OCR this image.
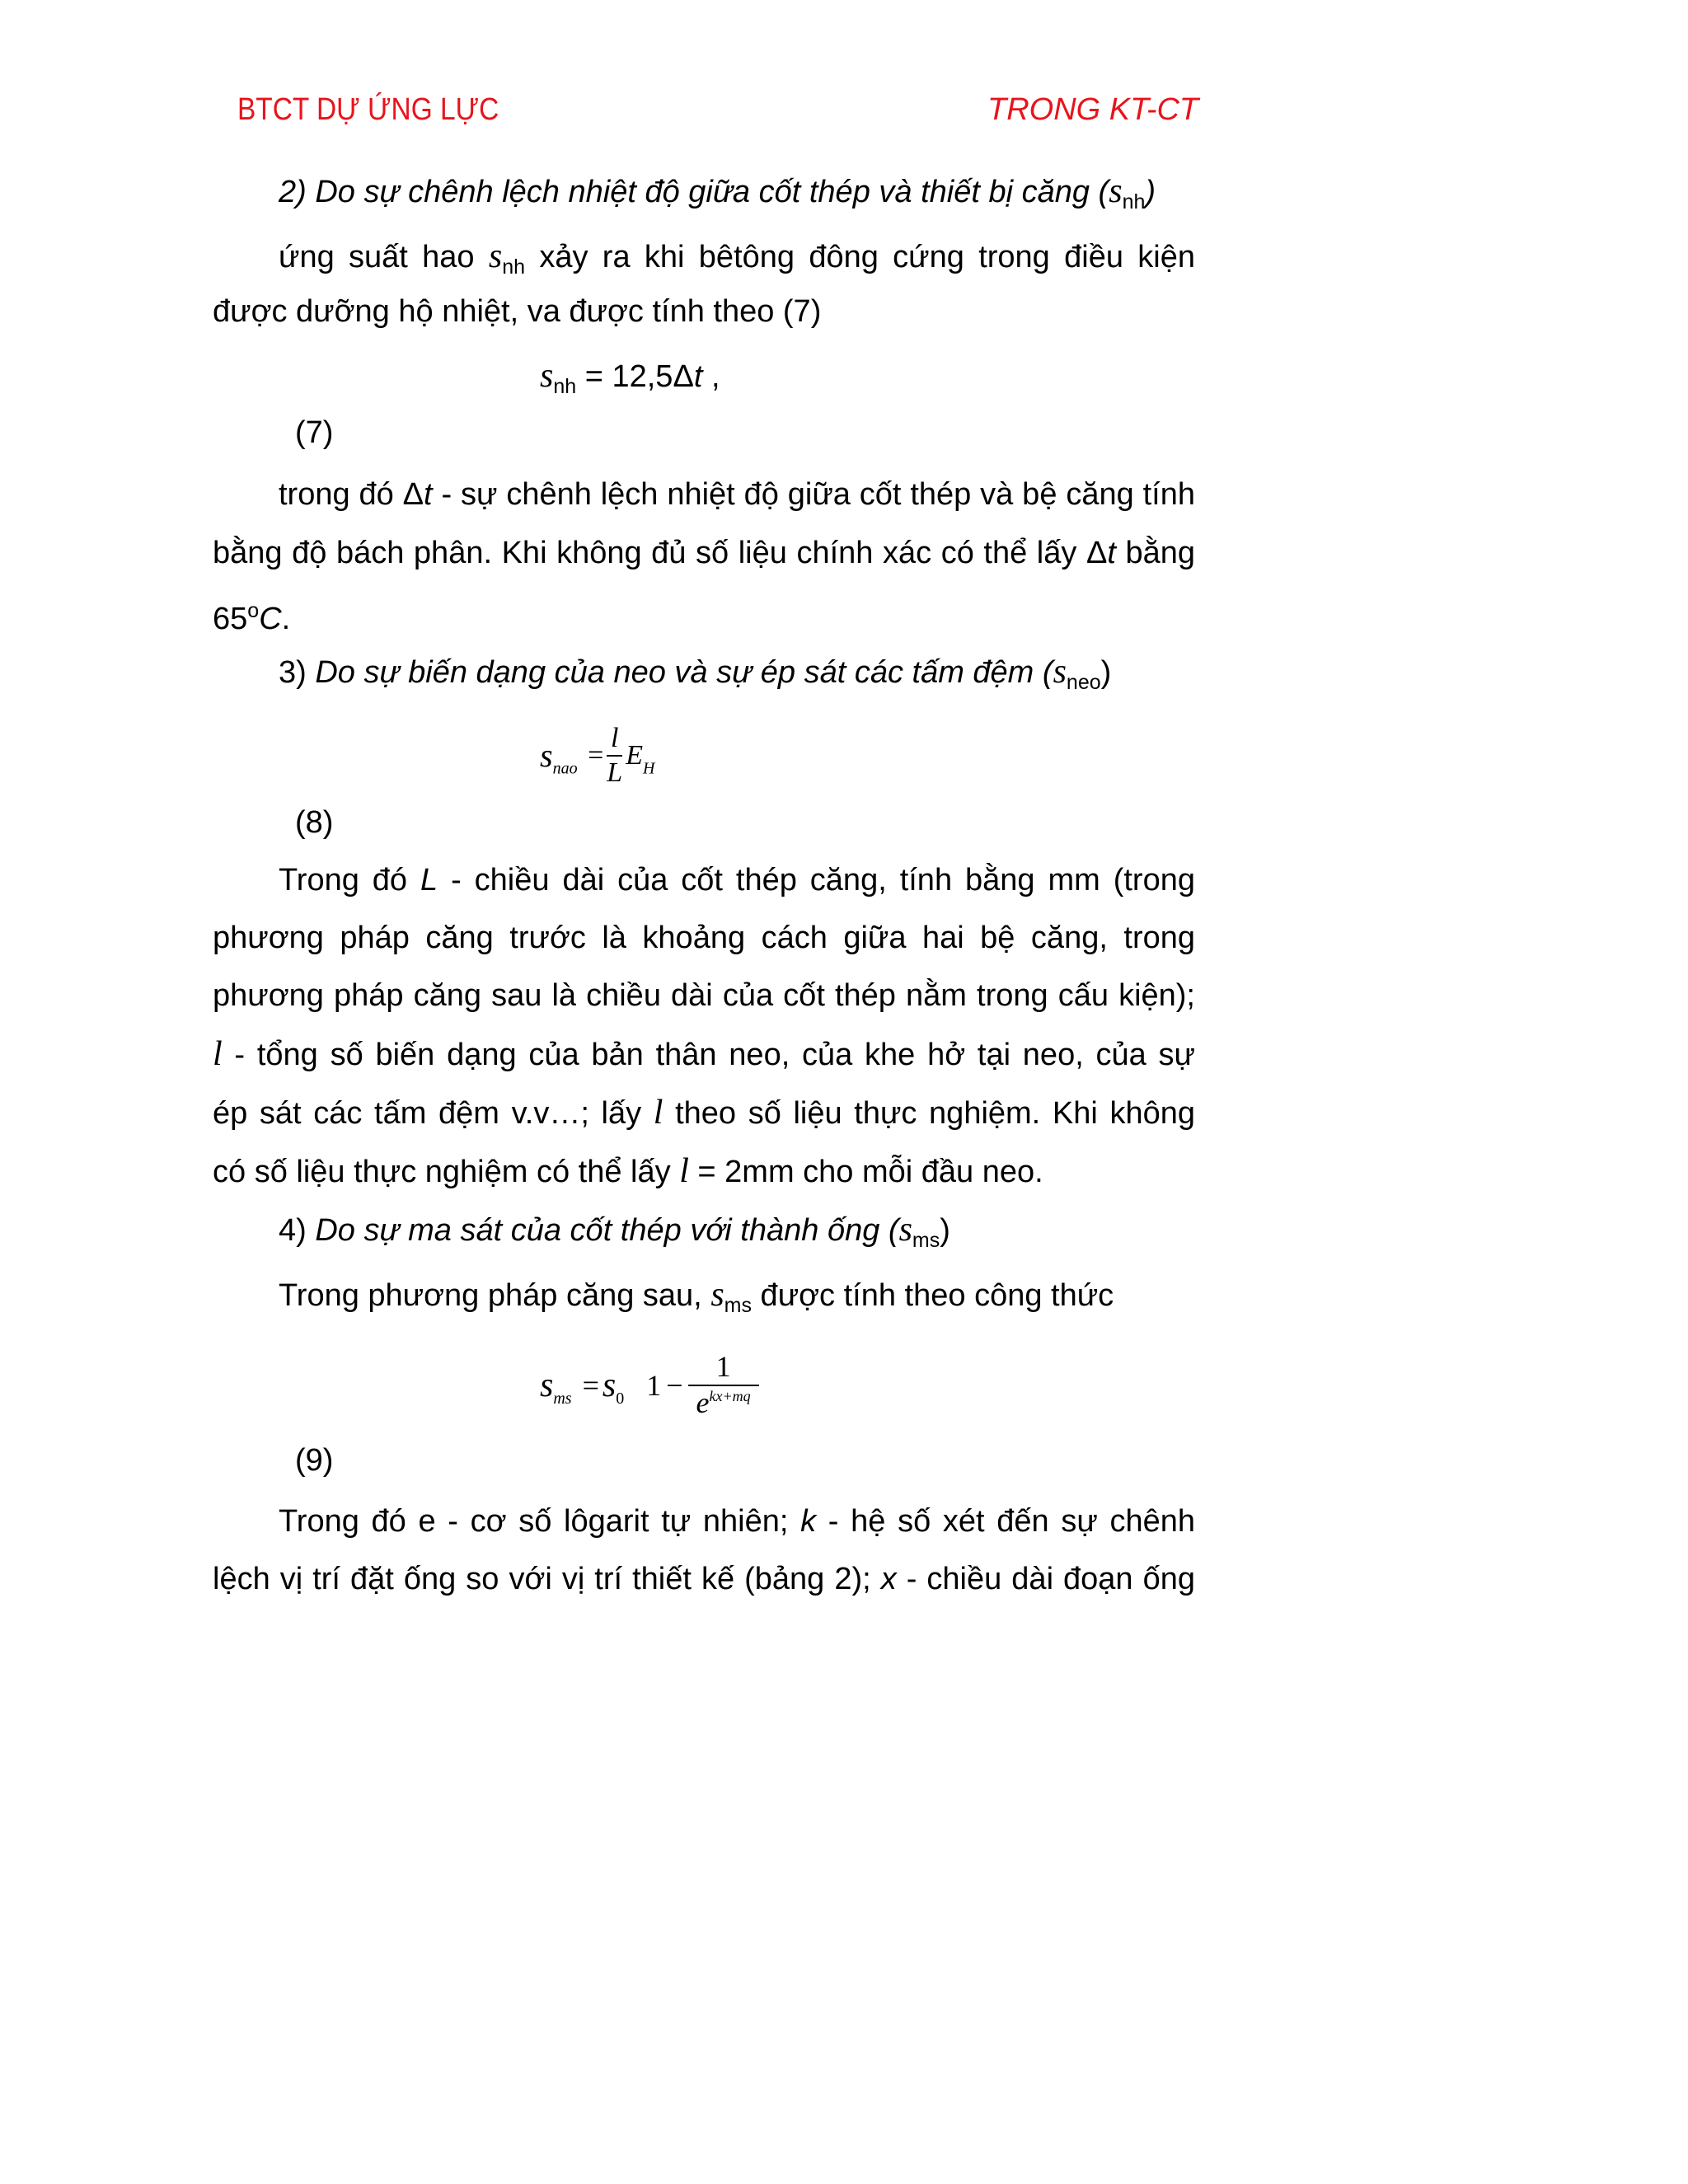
BTCT DỰ ỨNG LỰC	TRONG KT-CT
2) Do sự chênh lệch nhiệt độ giữa cốt thép và thiết bị căng $(s_{nh})$
ứng suất hao $s_{nh}$ xảy ra khi bêtông đông cứng trong điều kiện
được dưỡng hộ nhiệt, va được tính theo (7)
$s_{nh} = 12,5\Delta t$ ,
(7)
trong đó Δt - sự chênh lệch nhiệt độ giữa cốt thép và bệ căng tính
bằng độ bách phân. Khi không đủ số liệu chính xác có thể lấy Δt bằng
65$^o$C.
3) Do sự biến dạng của neo và sự ép sát các tấm đệm $(s_{neo})$
$s_{nao} = \frac{l}{L} E_H$
(8)
Trong đó L - chiều dài của cốt thép căng, tính bằng mm (trong
phương pháp căng trước là khoảng cách giữa hai bệ căng, trong
phương pháp căng sau là chiều dài của cốt thép nằm trong cấu kiện);
l - tổng số biến dạng của bản thân neo, của khe hở tại neo, của sự
ép sát các tấm đệm v.v…; lấy l theo số liệu thực nghiệm. Khi không
có số liệu thực nghiệm có thể lấy l = 2mm cho mỗi đầu neo.
4) Do sự ma sát của cốt thép với thành ống $(s_{ms})$
Trong phương pháp căng sau, $s_{ms}$ được tính theo công thức
$s_{ms} =s_0$ $1 - \frac{1}{e^{kx+mq}}$
(9)
Trong đó e - cơ số lôgarit tự nhiên; k - hệ số xét đến sự chênh
lệch vị trí đặt ống so với vị trí thiết kế (bảng 2); x - chiều dài đoạn ống
